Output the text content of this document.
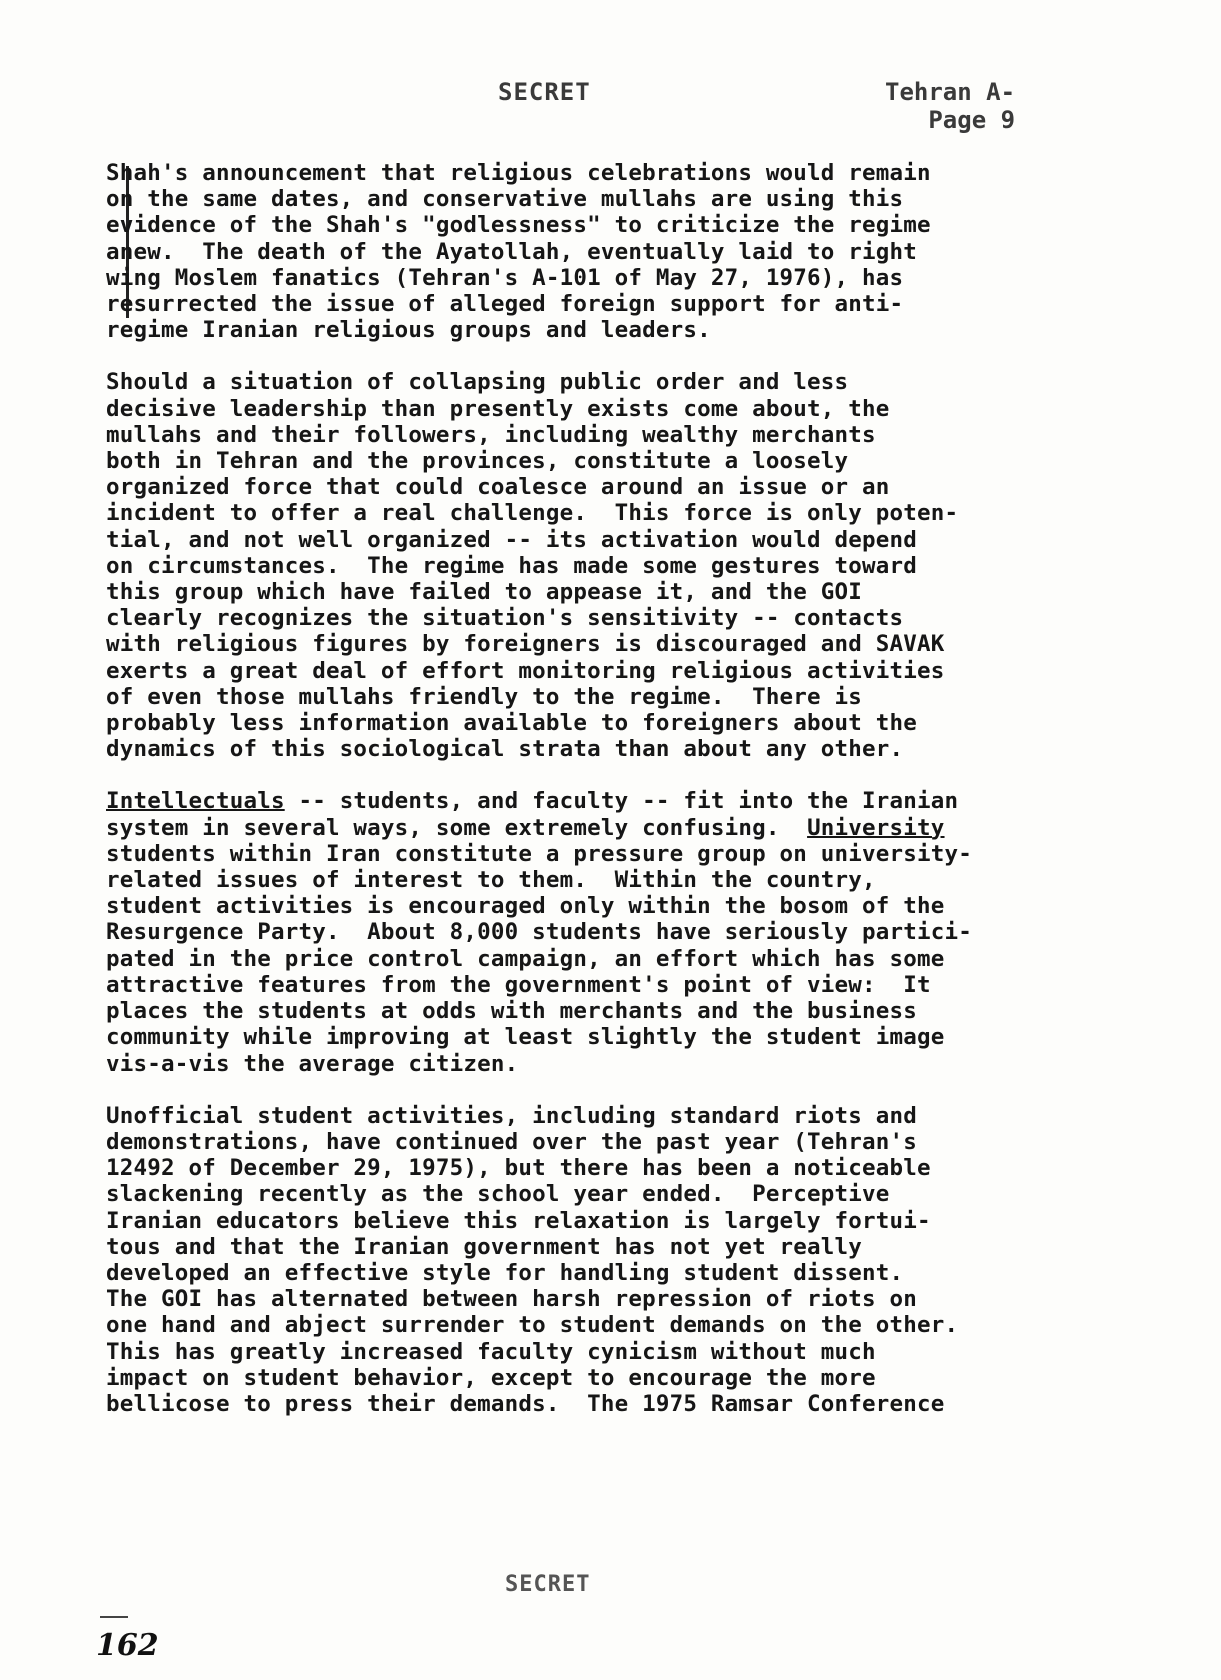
SECRET	Tehran A-
Page 9
Shah's announcement that religious celebrations would remain
on the same dates, and conservative mullahs are using this
evidence of the Shah's "godlessness" to criticize the regime
anew.  The death of the Ayatollah, eventually laid to right
wing Moslem fanatics (Tehran's A-101 of May 27, 1976), has
resurrected the issue of alleged foreign support for anti-
regime Iranian religious groups and leaders.
Should a situation of collapsing public order and less
decisive leadership than presently exists come about, the
mullahs and their followers, including wealthy merchants
both in Tehran and the provinces, constitute a loosely
organized force that could coalesce around an issue or an
incident to offer a real challenge.  This force is only poten-
tial, and not well organized -- its activation would depend
on circumstances.  The regime has made some gestures toward
this group which have failed to appease it, and the GOI
clearly recognizes the situation's sensitivity -- contacts
with religious figures by foreigners is discouraged and SAVAK
exerts a great deal of effort monitoring religious activities
of even those mullahs friendly to the regime.  There is
probably less information available to foreigners about the
dynamics of this sociological strata than about any other.
Intellectuals -- students, and faculty -- fit into the Iranian
system in several ways, some extremely confusing.  University
students within Iran constitute a pressure group on university-
related issues of interest to them.  Within the country,
student activities is encouraged only within the bosom of the
Resurgence Party.  About 8,000 students have seriously partici-
pated in the price control campaign, an effort which has some
attractive features from the government's point of view:  It
places the students at odds with merchants and the business
community while improving at least slightly the student image
vis-a-vis the average citizen.
Unofficial student activities, including standard riots and
demonstrations, have continued over the past year (Tehran's
12492 of December 29, 1975), but there has been a noticeable
slackening recently as the school year ended.  Perceptive
Iranian educators believe this relaxation is largely fortui-
tous and that the Iranian government has not yet really
developed an effective style for handling student dissent.
The GOI has alternated between harsh repression of riots on
one hand and abject surrender to student demands on the other.
This has greatly increased faculty cynicism without much
impact on student behavior, except to encourage the more
bellicose to press their demands.  The 1975 Ramsar Conference
SECRET
162
